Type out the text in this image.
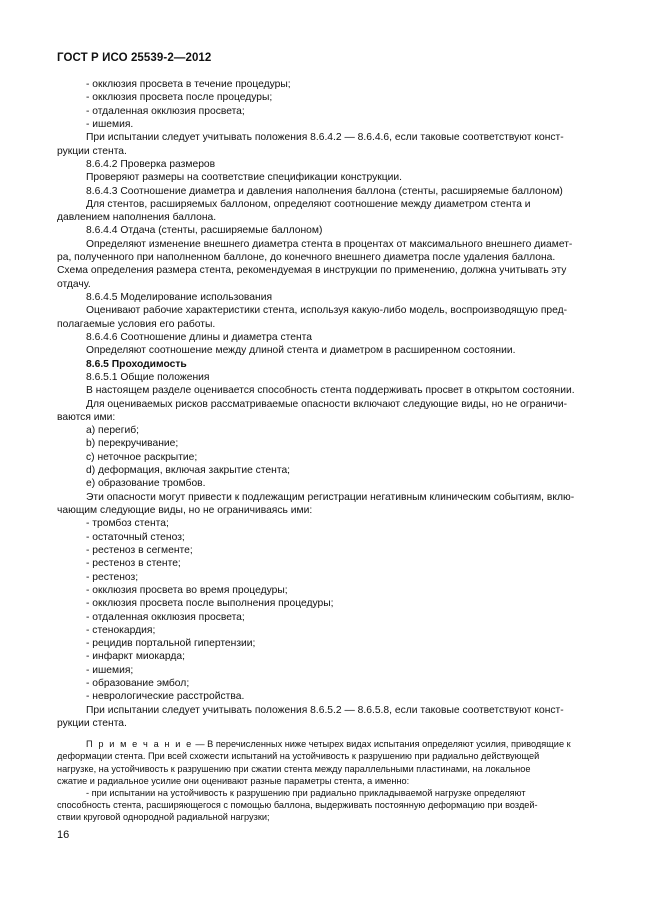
ГОСТ Р ИСО 25539-2—2012

- окклюзия просвета в течение процедуры;

- окклюзия просвета после процедуры;

- отдаленная окклюзия просвета;

- ишемия.

При испытании следует учитывать положения 8.6.4.2 — 8.6.4.6, если таковые соответствуют конст-

рукции стента.

8.6.4.2 Проверка размеров

Проверяют размеры на соответствие спецификации конструкции.

8.6.4.3 Соотношение диаметра и давления наполнения баллона (стенты, расширяемые баллоном)

Для стентов, расширяемых баллоном, определяют соотношение между диаметром стента и

давлением наполнения баллона.

8.6.4.4 Отдача (стенты, расширяемые баллоном)

Определяют изменение внешнего диаметра стента в процентах от максимального внешнего диамет-

ра, полученного при наполненном баллоне, до конечного внешнего диаметра после удаления баллона.

Схема определения размера стента, рекомендуемая в инструкции по применению, должна учитывать эту

отдачу.

8.6.4.5 Моделирование использования

Оценивают рабочие характеристики стента, используя какую-либо модель, воспроизводящую пред-

полагаемые условия его работы.

8.6.4.6 Соотношение длины и диаметра стента

Определяют соотношение между длиной стента и диаметром в расширенном состоянии.

8.6.5 Проходимость

8.6.5.1 Общие положения

В настоящем разделе оценивается способность стента поддерживать просвет в открытом состоянии.

Для оцениваемых рисков рассматриваемые опасности включают следующие виды, но не ограничи-

ваются ими:

a) перегиб;

b) перекручивание;

c) неточное раскрытие;

d) деформация, включая закрытие стента;

e) образование тромбов.

Эти опасности могут привести к подлежащим регистрации негативным клиническим событиям, вклю-

чающим следующие виды, но не ограничиваясь ими:

- тромбоз стента;

- остаточный стеноз;

- рестеноз в сегменте;

- рестеноз в стенте;

- рестеноз;

- окклюзия просвета во время процедуры;

- окклюзия просвета после выполнения процедуры;

- отдаленная окклюзия просвета;

- стенокардия;

- рецидив портальной гипертензии;

- инфаркт миокарда;

- ишемия;

- образование эмбол;

- неврологические расстройства.

При испытании следует учитывать положения 8.6.5.2 — 8.6.5.8, если таковые соответствуют конст-

рукции стента.

П р и м е ч а н и е — В перечисленных ниже четырех видах испытания определяют усилия, приводящие к

деформации стента. При всей схожести испытаний на устойчивость к разрушению при радиально действующей

нагрузке, на устойчивость к разрушению при сжатии стента между параллельными пластинами, на локальное

сжатие и радиальное усилие они оценивают разные параметры стента, а именно:

- при испытании на устойчивость к разрушению при радиально прикладываемой нагрузке определяют

способность стента, расширяющегося с помощью баллона, выдерживать постоянную деформацию при воздей-

ствии круговой однородной радиальной нагрузки;

16
